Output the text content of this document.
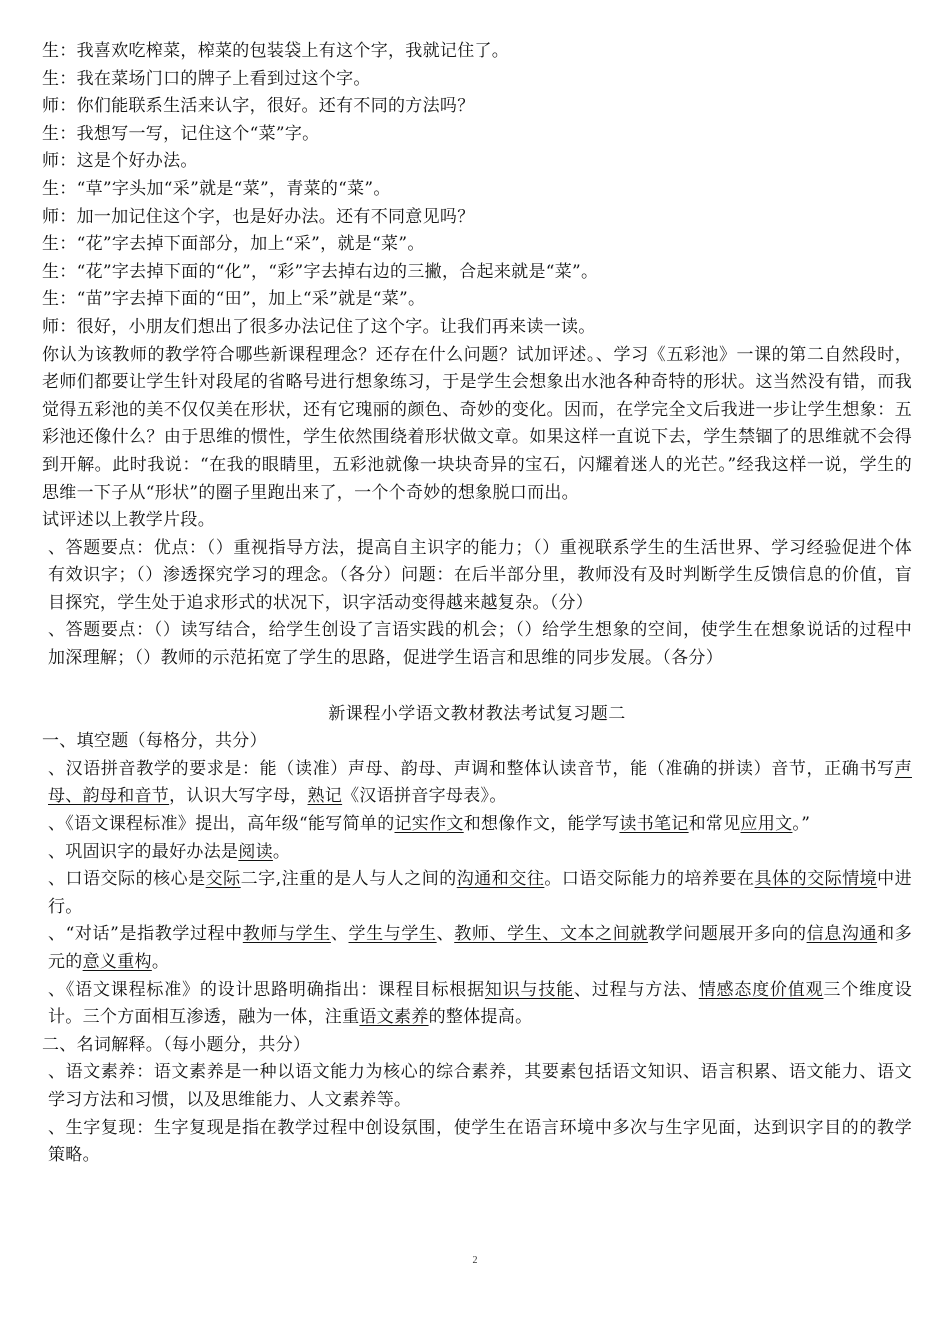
生：我喜欢吃榨菜，榨菜的包装袋上有这个字，我就记住了。
生：我在菜场门口的牌子上看到过这个字。
师：你们能联系生活来认字，很好。还有不同的方法吗？
生：我想写一写，记住这个“菜”字。
师：这是个好办法。
生：“草”字头加“采”就是“菜”，青菜的“菜”。
师：加一加记住这个字，也是好办法。还有不同意见吗？
生：“花”字去掉下面部分，加上“采”，就是“菜”。
生：“花”字去掉下面的“化”，“彩”字去掉右边的三撇，合起来就是“菜”。
生：“苗”字去掉下面的“田”，加上“采”就是“菜”。
师：很好，小朋友们想出了很多办法记住了这个字。让我们再来读一读。
你认为该教师的教学符合哪些新课程理念？还存在什么问题？试加评述。、学习《五彩池》一课的第二自然段时，老师们都要让学生针对段尾的省略号进行想象练习，于是学生会想象出水池各种奇特的形状。这当然没有错，而我觉得五彩池的美不仅仅美在形状，还有它瑰丽的颜色、奇妙的变化。因而，在学完全文后我进一步让学生想象：五彩池还像什么？由于思维的惯性，学生依然围绕着形状做文章。如果这样一直说下去，学生禁锢了的思维就不会得到开解。此时我说：“在我的眼睛里，五彩池就像一块块奇异的宝石，闪耀着迷人的光芒。”经我这样一说，学生的思维一下子从“形状”的圈子里跑出来了，一个个奇妙的想象脱口而出。
试评述以上教学片段。
、答题要点：优点：（）重视指导方法，提高自主识字的能力；（）重视联系学生的生活世界、学习经验促进个体有效识字；（）渗透探究学习的理念。（各分）问题：在后半部分里，教师没有及时判断学生反馈信息的价值，盲目探究，学生处于追求形式的状况下，识字活动变得越来越复杂。（分）
、答题要点：（）读写结合，给学生创设了言语实践的机会；（）给学生想象的空间，使学生在想象说话的过程中加深理解；（）教师的示范拓宽了学生的思路，促进学生语言和思维的同步发展。（各分）
新课程小学语文教材教法考试复习题二
一、填空题（每格分，共分）
、汉语拼音教学的要求是：能（读准）声母、韵母、声调和整体认读音节，能（准确的拼读）音节，正确书写声母、韵母和音节，认识大写字母，熟记《汉语拼音字母表》。
、《语文课程标准》提出，高年级“能写简单的记实作文和想像作文，能学写读书笔记和常见应用文。”
、巩固识字的最好办法是阅读。
、口语交际的核心是交际二字,注重的是人与人之间的沟通和交往。口语交际能力的培养要在具体的交际情境中进行。
、“对话”是指教学过程中教师与学生、学生与学生、教师、学生、文本之间就教学问题展开多向的信息沟通和多元的意义重构。
、《语文课程标准》的设计思路明确指出：课程目标根据知识与技能、过程与方法、情感态度价值观三个维度设计。三个方面相互渗透，融为一体，注重语文素养的整体提高。
二、名词解释。（每小题分，共分）
、语文素养：语文素养是一种以语文能力为核心的综合素养，其要素包括语文知识、语言积累、语文能力、语文学习方法和习惯，以及思维能力、人文素养等。
、生字复现：生字复现是指在教学过程中创设氛围，使学生在语言环境中多次与生字见面，达到识字目的的教学策略。
2
